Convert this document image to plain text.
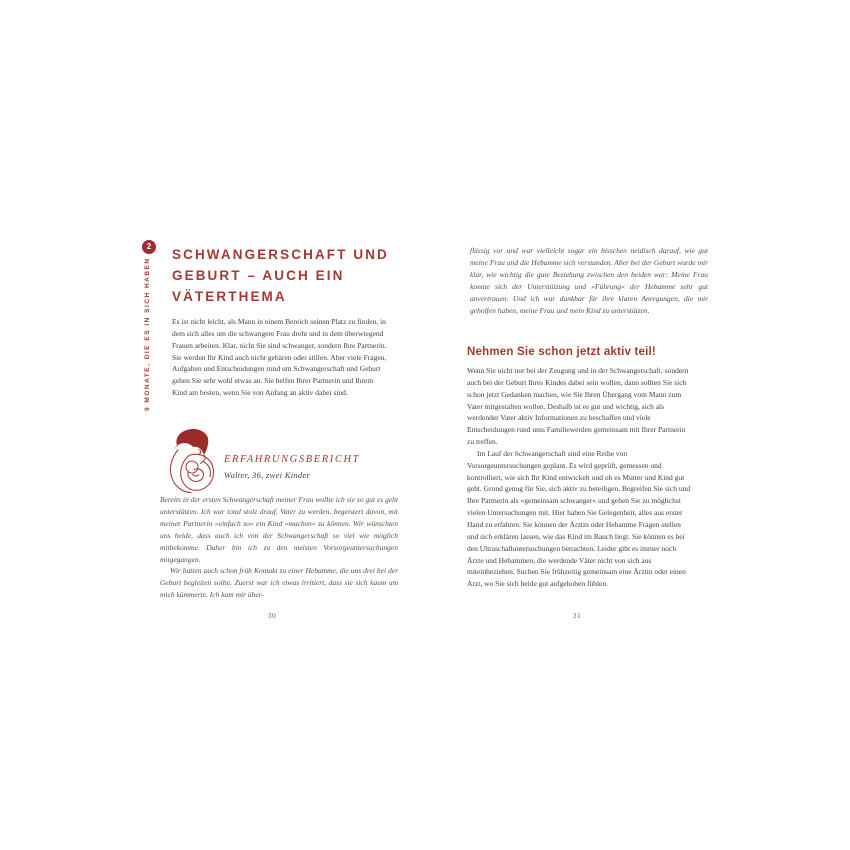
2
9 MONATE, DIE ES IN SICH HABEN
SCHWANGERSCHAFT UND GEBURT – AUCH EIN VÄTERTHEMA

Es ist nicht leicht, als Mann in einem Bereich seinen Platz zu finden, in dem sich alles um die schwangere Frau dreht und in dem überwiegend Frauen arbeiten. Klar, nicht Sie sind schwanger, sondern Ihre Partnerin. Sie werden Ihr Kind auch nicht gebären oder stillen. Aber viele Fragen, Aufgaben und Entscheidungen rund um Schwangerschaft und Geburt gehen Sie sehr wohl etwas an. Sie helfen Ihrer Partnerin und Ihrem Kind am besten, wenn Sie von Anfang an aktiv dabei sind.

ERFAHRUNGSBERICHT
Walter, 36, zwei Kinder

Bereits in der ersten Schwangerschaft meiner Frau wollte ich sie so gut es geht unterstützen. Ich war total stolz drauf, Vater zu werden, begeistert davon, mit meiner Partnerin »einfach so« ein Kind »machen« zu können. Wir wünschten uns beide, dass auch ich von der Schwangerschaft so viel wie möglich mitbekomme. Daher bin ich zu den meisten Vorsorgeuntersuchungen mitgegangen.

Wir hatten auch schon früh Kontakt zu einer Hebamme, die uns drei bei der Geburt begleiten sollte. Zuerst war ich etwas irritiert, dass sie sich kaum um mich kümmerte. Ich kam mir über-

30

flüssig vor und war vielleicht sogar ein bisschen neidisch darauf, wie gut meine Frau und die Hebamme sich verstanden. Aber bei der Geburt wurde mir klar, wie wichtig die gute Beziehung zwischen den beiden war: Meine Frau konnte sich der Unterstützung und »Führung« der Hebamme sehr gut anvertrauen. Und ich war dankbar für ihre klaren Anregungen, die mir geholfen haben, meine Frau und mein Kind zu unterstützen.

Nehmen Sie schon jetzt aktiv teil!

Wenn Sie nicht nur bei der Zeugung und in der Schwangerschaft, sondern auch bei der Geburt Ihres Kindes dabei sein wollen, dann sollten Sie sich schon jetzt Gedanken machen, wie Sie Ihren Übergang vom Mann zum Vater mitgestalten wollen. Deshalb ist es gut und wichtig, sich als werdender Vater aktiv Informationen zu beschaffen und viele Entscheidungen rund ums Familiewerden gemeinsam mit Ihrer Partnerin zu treffen.

Im Lauf der Schwangerschaft sind eine Reihe von Vorsorgeuntersuchungen geplant. Es wird geprüft, gemessen und kontrolliert, wie sich Ihr Kind entwickelt und ob es Mutter und Kind gut geht. Grund genug für Sie, sich aktiv zu beteiligen. Begreifen Sie sich und Ihre Partnerin als »gemeinsam schwanger« und gehen Sie zu möglichst vielen Untersuchungen mit. Hier haben Sie Gelegenheit, alles aus erster Hand zu erfahren. Sie können der Ärztin oder Hebamme Fragen stellen und sich erklären lassen, wie das Kind im Bauch liegt. Sie können es bei den Ultraschalluntersuchungen betrachten. Leider gibt es immer noch Ärzte und Hebammen, die werdende Väter nicht von sich aus miteinbeziehen. Suchen Sie frühzeitig gemeinsam eine Ärztin oder einen Arzt, wo Sie sich beide gut aufgehoben fühlen.

31
